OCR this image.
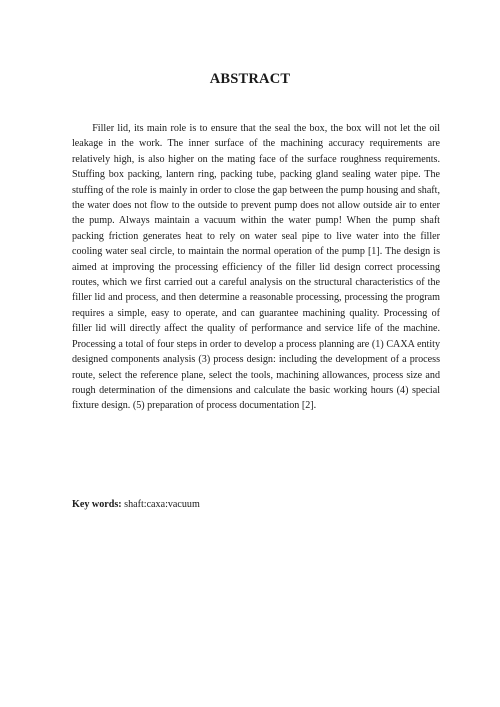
ABSTRACT

Filler lid, its main role is to ensure that the seal the box, the box will not let the oil leakage in the work. The inner surface of the machining accuracy requirements are relatively high, is also higher on the mating face of the surface roughness requirements. Stuffing box packing, lantern ring, packing tube, packing gland sealing water pipe. The stuffing of the role is mainly in order to close the gap between the pump housing and shaft, the water does not flow to the outside to prevent pump does not allow outside air to enter the pump. Always maintain a vacuum within the water pump! When the pump shaft packing friction generates heat to rely on water seal pipe to live water into the filler cooling water seal circle, to maintain the normal operation of the pump [1]. The design is aimed at improving the processing efficiency of the filler lid design correct processing routes, which we first carried out a careful analysis on the structural characteristics of the filler lid and process, and then determine a reasonable processing, processing the program requires a simple, easy to operate, and can guarantee machining quality. Processing of filler lid will directly affect the quality of performance and service life of the machine. Processing a total of four steps in order to develop a process planning are (1) CAXA entity designed components analysis (3) process design: including the development of a process route, select the reference plane, select the tools, machining allowances, process size and rough determination of the dimensions and calculate the basic working hours (4) special fixture design. (5) preparation of process documentation [2].

Key words: shaft:caxa:vacuum
